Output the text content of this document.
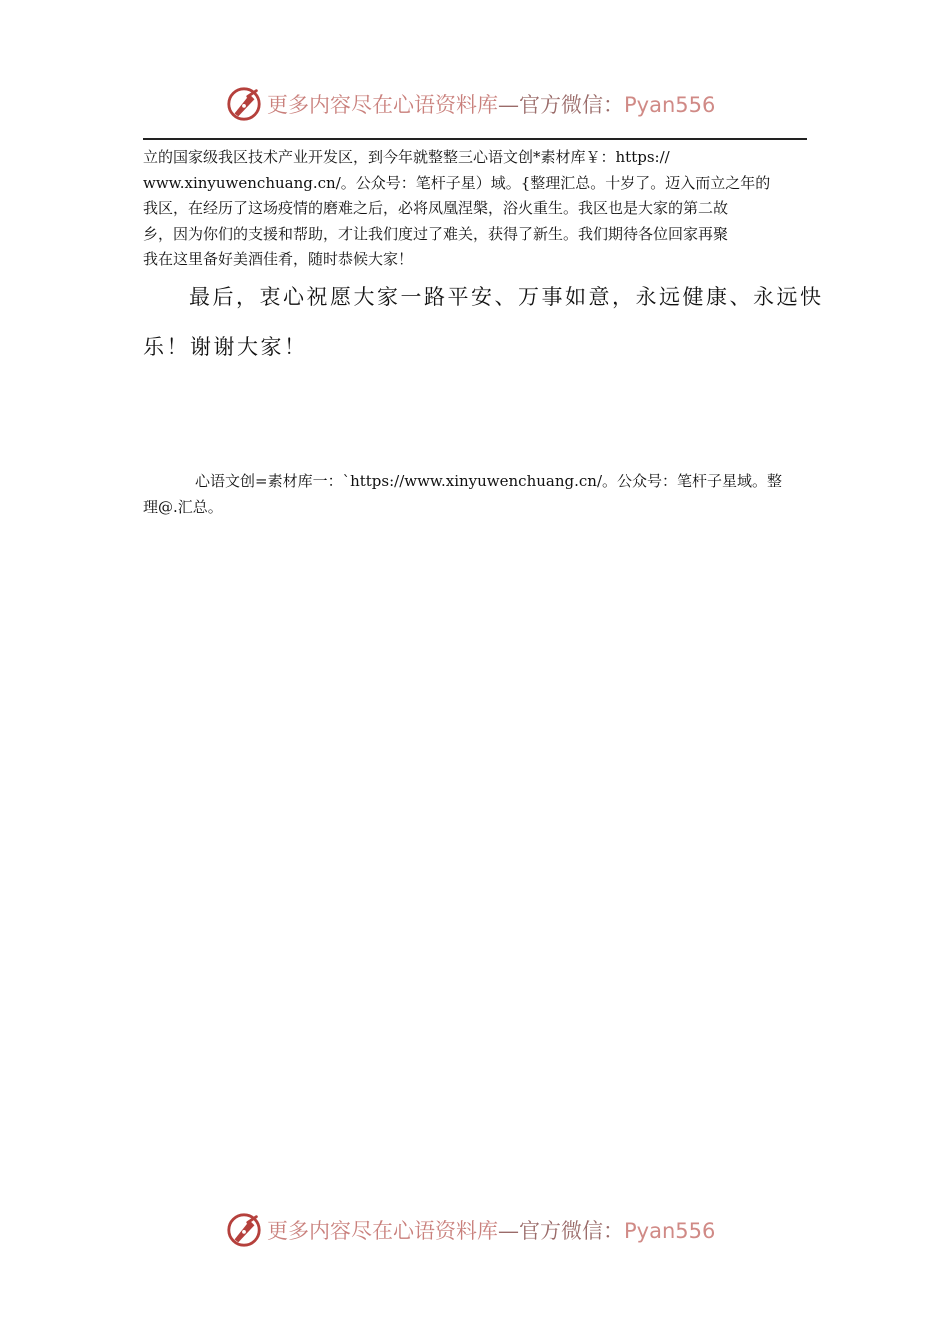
更多内容尽在心语资料库—官方微信：Pyan556
立的国家级我区技术产业开发区，到今年就整整三心语文创*素材库￥：https://
www.xinyuwenchuang.cn/。公众号：笔杆子星）域。{整理汇总。十岁了。迈入而立之年的
我区，在经历了这场疫情的磨难之后，必将凤凰涅槃，浴火重生。我区也是大家的第二故
乡，因为你们的支援和帮助，才让我们度过了难关，获得了新生。我们期待各位回家再聚
我在这里备好美酒佳肴，随时恭候大家！
最后，衷心祝愿大家一路平安、万事如意，永远健康、永远快
乐！谢谢大家！
心语文创=素材库一：`https://www.xinyuwenchuang.cn/。公众号：笔杆子星域。整
理@.汇总。
更多内容尽在心语资料库—官方微信：Pyan556
